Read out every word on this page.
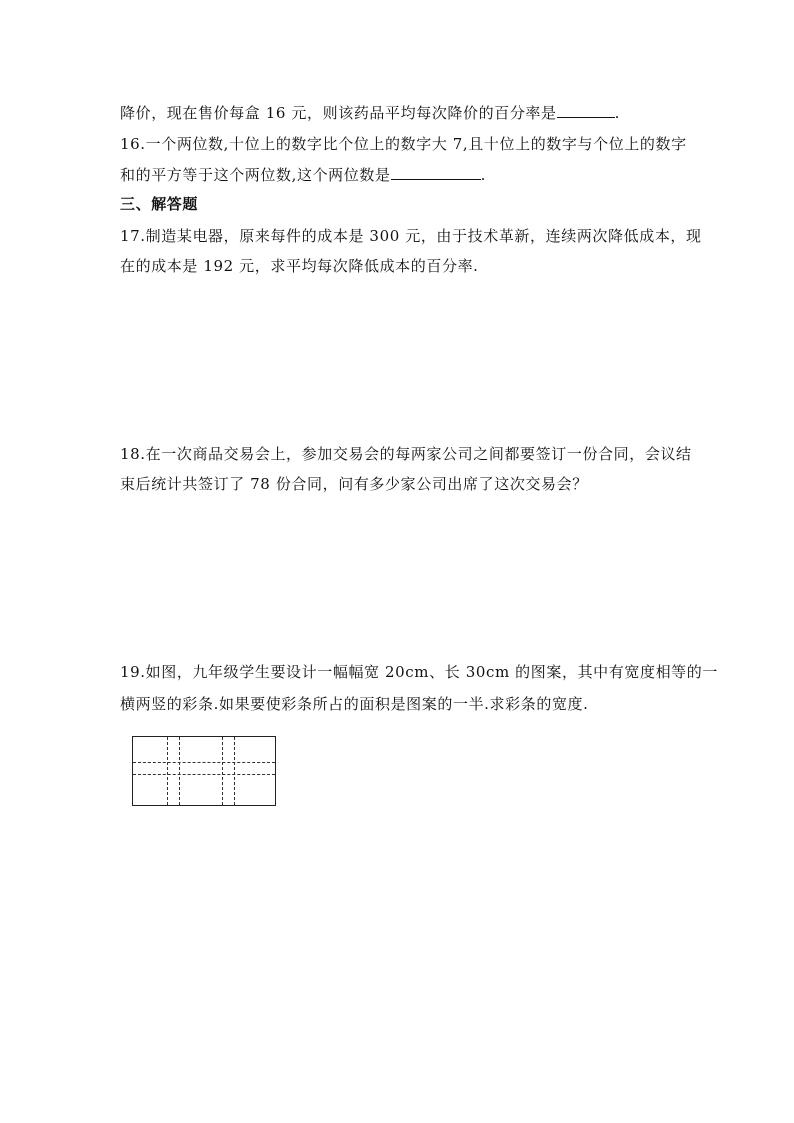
降价，现在售价每盒 16 元，则该药品平均每次降价的百分率是	.
16.一个两位数,十位上的数字比个位上的数字大 7,且十位上的数字与个位上的数字
和的平方等于这个两位数,这个两位数是	.
三、解答题
17.制造某电器，原来每件的成本是 300 元，由于技术革新，连续两次降低成本，现
在的成本是 192 元，求平均每次降低成本的百分率.
18.在一次商品交易会上，参加交易会的每两家公司之间都要签订一份合同，会议结
束后统计共签订了 78 份合同，问有多少家公司出席了这次交易会？
19.如图，九年级学生要设计一幅幅宽 20cm、长 30cm 的图案，其中有宽度相等的一
横两竖的彩条.如果要使彩条所占的面积是图案的一半.求彩条的宽度.
